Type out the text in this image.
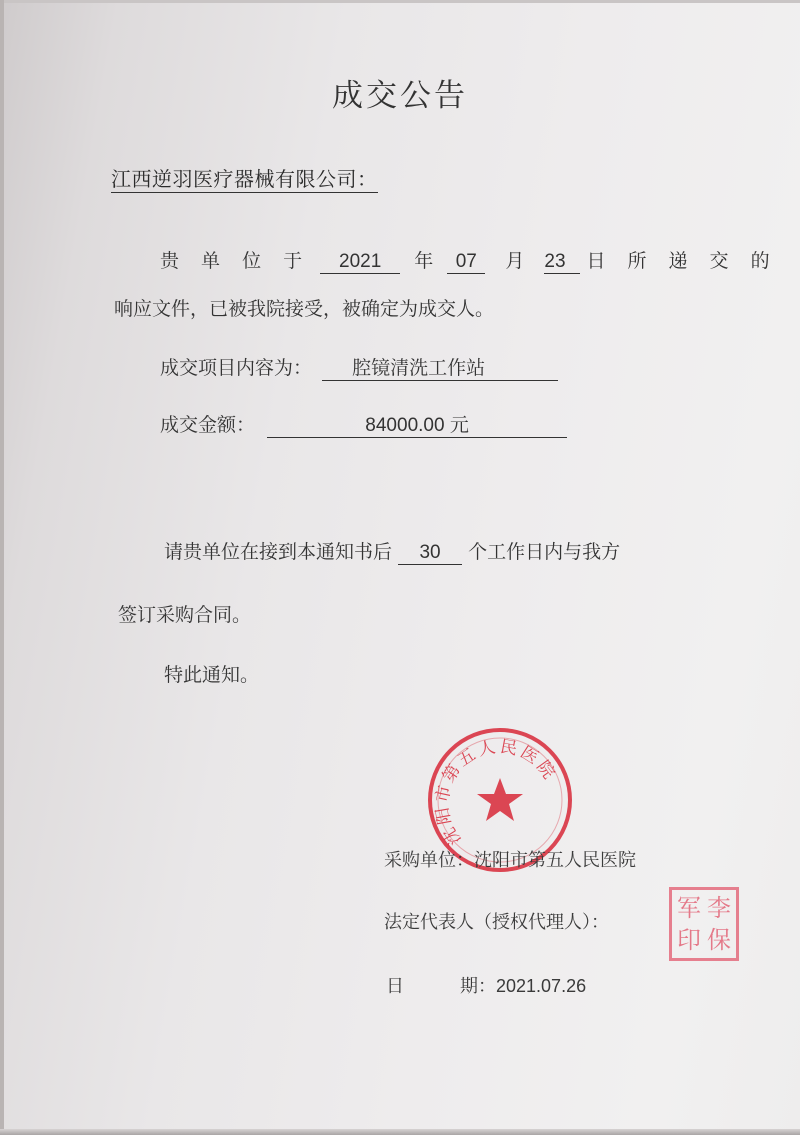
成交公告
江西逆羽医疗器械有限公司：
贵 单 位 于 2021 年 07 月 23 日 所 递 交 的
响应文件，已被我院接受，被确定为成交人。
成交项目内容为： 腔镜清洗工作站
成交金额：	84000.00 元
请贵单位在接到本通知书后 30 个工作日内与我方
签订采购合同。
特此通知。
沈阳市第五人民医院
采购单位：沈阳市第五人民医院
法定代表人（授权代理人）：
军 李
印 保
日	期：2021.07.26
